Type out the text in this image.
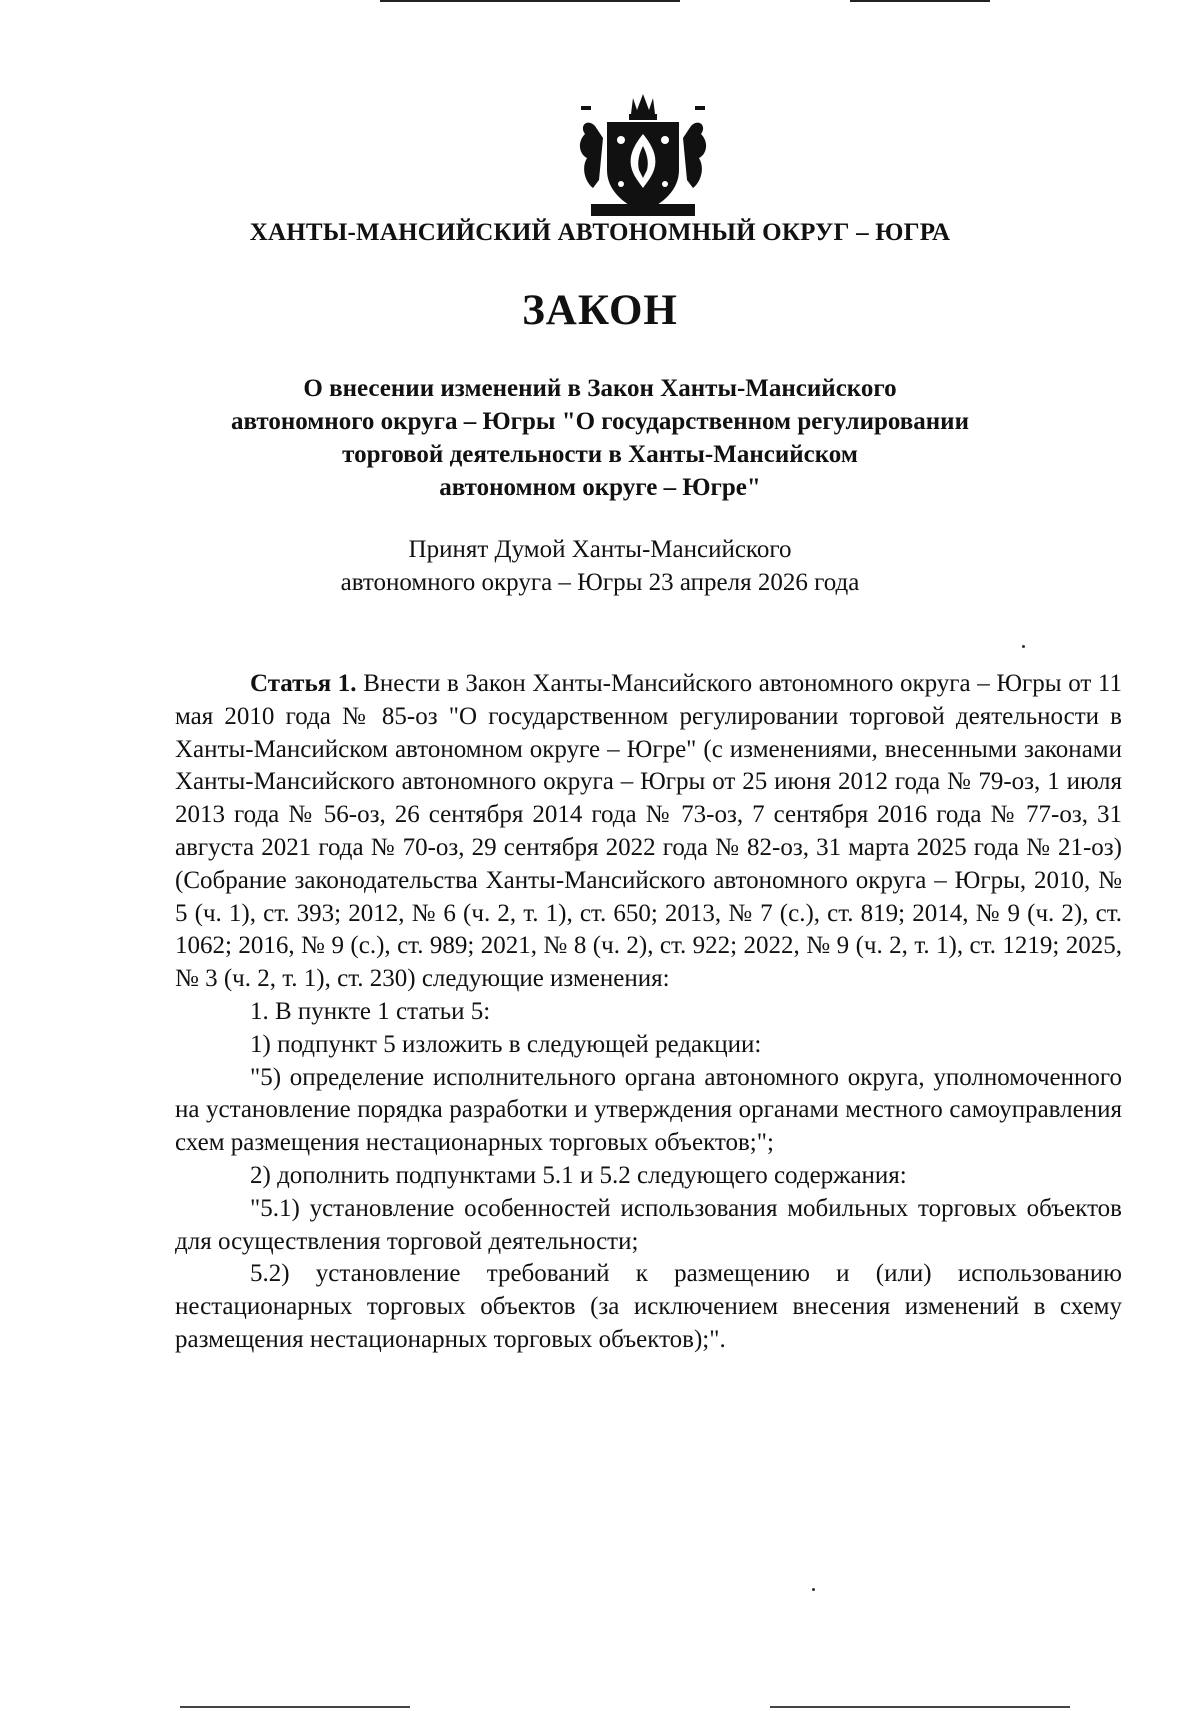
ХАНТЫ-МАНСИЙСКИЙ АВТОНОМНЫЙ ОКРУГ – ЮГРА
ЗАКОН
О внесении изменений в Закон Ханты-Мансийского
автономного округа – Югры "О государственном регулировании
торговой деятельности в Ханты-Мансийском
автономном округе – Югре"
Принят Думой Ханты-Мансийского
автономного округа – Югры 23 апреля 2026 года

Статья 1. Внести в Закон Ханты-Мансийского автономного округа – Югры от 11 мая 2010 года № 85-оз "О государственном регулировании торговой деятельности в Ханты-Мансийском автономном округе – Югре" (с изменениями, внесенными законами Ханты-Мансийского автономного округа – Югры от 25 июня 2012 года № 79-оз, 1 июля 2013 года № 56-оз, 26 сентября 2014 года № 73-оз, 7 сентября 2016 года № 77-оз, 31 августа 2021 года № 70-оз, 29 сентября 2022 года № 82-оз, 31 марта 2025 года № 21-оз) (Собрание законодательства Ханты-Мансийского автономного округа – Югры, 2010, № 5 (ч. 1), ст. 393; 2012, № 6 (ч. 2, т. 1), ст. 650; 2013, № 7 (с.), ст. 819; 2014, № 9 (ч. 2), ст. 1062; 2016, № 9 (с.), ст. 989; 2021, № 8 (ч. 2), ст. 922; 2022, № 9 (ч. 2, т. 1), ст. 1219; 2025, № 3 (ч. 2, т. 1), ст. 230) следующие изменения:

1. В пункте 1 статьи 5:

1) подпункт 5 изложить в следующей редакции:

"5) определение исполнительного органа автономного округа, уполномоченного на установление порядка разработки и утверждения органами местного самоуправления схем размещения нестационарных торговых объектов;";

2) дополнить подпунктами 5.1 и 5.2 следующего содержания:

"5.1) установление особенностей использования мобильных торговых объектов для осуществления торговой деятельности;

5.2) установление требований к размещению и (или) использованию нестационарных торговых объектов (за исключением внесения изменений в схему размещения нестационарных торговых объектов);".
